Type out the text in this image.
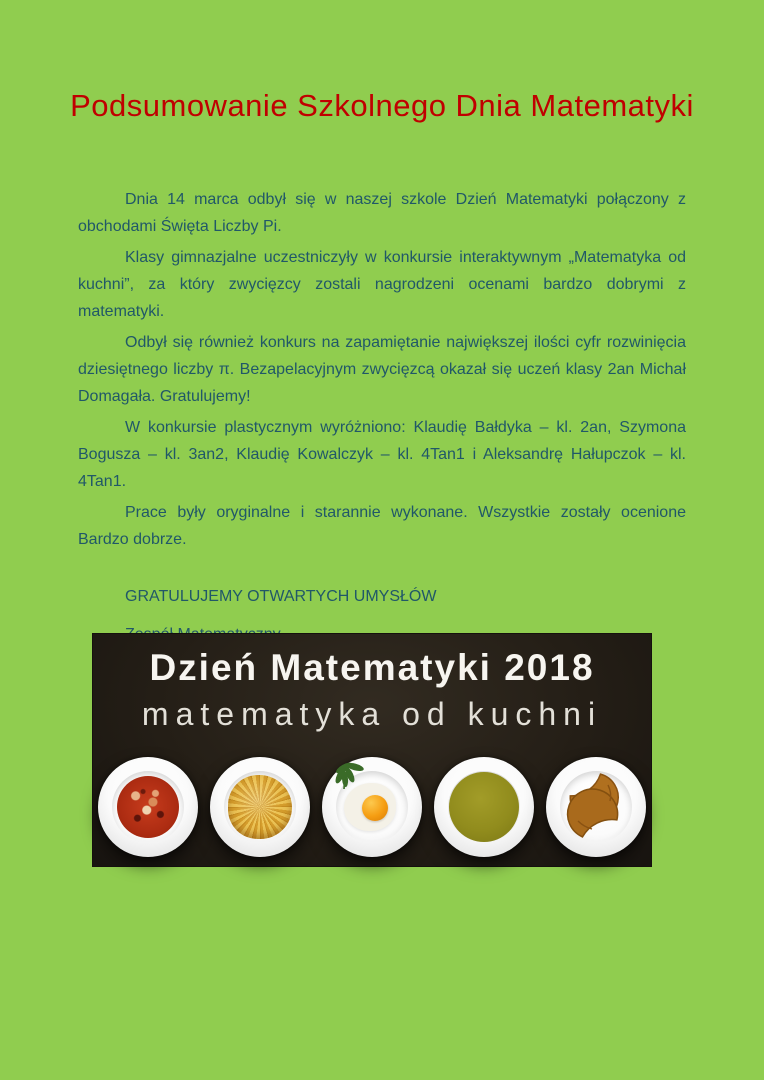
Podsumowanie Szkolnego Dnia Matematyki

Dnia 14 marca odbył się w naszej szkole Dzień Matematyki połączony z obchodami Święta Liczby Pi.

Klasy gimnazjalne uczestniczyły w konkursie interaktywnym „Matematyka od kuchni”, za który zwycięzcy zostali nagrodzeni ocenami bardzo dobrymi z matematyki.

Odbył się również konkurs na zapamiętanie największej ilości cyfr rozwinięcia dziesiętnego liczby π. Bezapelacyjnym zwycięzcą okazał się uczeń klasy 2an Michał Domagała. Gratulujemy!

W konkursie plastycznym wyróżniono: Klaudię Bałdyka – kl. 2an, Szymona Bogusza – kl. 3an2, Klaudię Kowalczyk – kl. 4Tan1 i Aleksandrę Hałupczok – kl. 4Tan1.

Prace były oryginalne i starannie wykonane. Wszystkie zostały ocenione Bardzo dobrze.

GRATULUJEMY OTWARTYCH UMYSŁÓW

Dzień Matematyki 2018
matematyka od kuchni
